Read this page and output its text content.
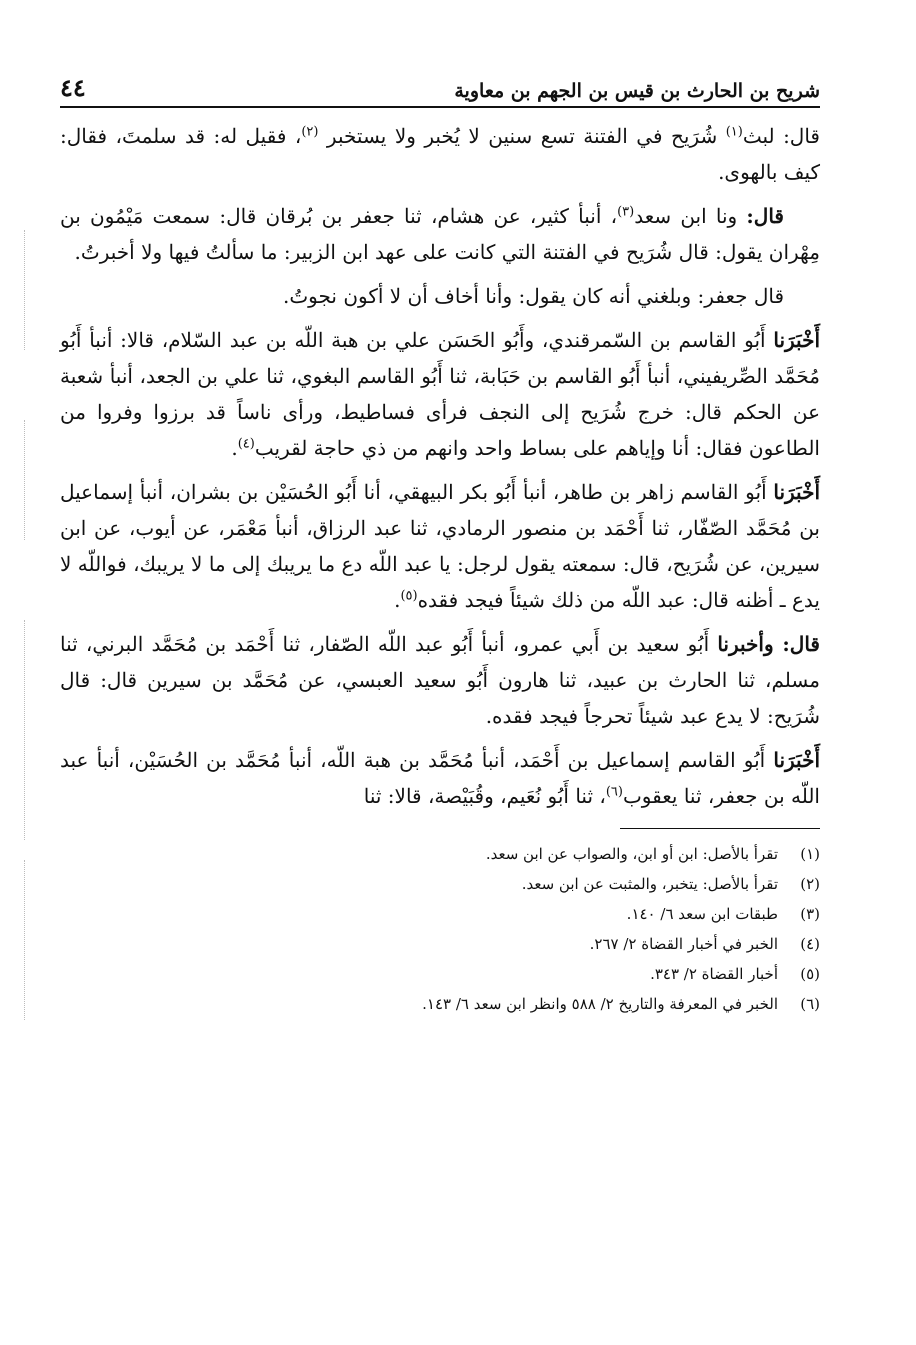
شريح بن الحارث بن قيس بن الجهم بن معاوية
٤٤

قال: لبث$^{(١)}$ شُرَيح في الفتنة تسع سنين لا يُخبر ولا يستخبر $^{(٢)}$، فقيل له: قد سلمتَ، فقال: كيف بالهوى.

قال: ونا ابن سعد$^{(٣)}$، أنبأ كثير، عن هشام، ثنا جعفر بن بُرقان قال: سمعت مَيْمُون بن مِهْران يقول: قال شُرَيح في الفتنة التي كانت على عهد ابن الزبير: ما سألتُ فيها ولا أخبرتُ.

قال جعفر: وبلغني أنه كان يقول: وأنا أخاف أن لا أكون نجوتُ.

أَخْبَرَنا أَبُو القاسم بن السّمرقندي، وأَبُو الحَسَن علي بن هبة اللّه بن عبد السّلام، قالا: أنبأ أَبُو مُحَمَّد الصِّريفيني، أنبأ أَبُو القاسم بن حَبَابة، ثنا أَبُو القاسم البغوي، ثنا علي بن الجعد، أنبأ شعبة عن الحكم قال: خرج شُرَيح إلى النجف فرأى فساطيط، ورأى ناساً قد برزوا وفروا من الطاعون فقال: أنا وإياهم على بساط واحد وانهم من ذي حاجة لقريب$^{(٤)}$.

أَخْبَرَنا أَبُو القاسم زاهر بن طاهر، أنبأ أَبُو بكر البيهقي، أنا أَبُو الحُسَيْن بن بشران، أنبأ إسماعيل بن مُحَمَّد الصّفّار، ثنا أَحْمَد بن منصور الرمادي، ثنا عبد الرزاق، أنبأ مَعْمَر، عن أيوب، عن ابن سيرين، عن شُرَيح، قال: سمعته يقول لرجل: يا عبد اللّه دع ما يريبك إلى ما لا يريبك، فواللّه لا يدع ـ أظنه قال: عبد اللّه من ذلك شيئاً فيجد فقده$^{(٥)}$.

قال: وأخبرنا أَبُو سعيد بن أَبي عمرو، أنبأ أَبُو عبد اللّه الصّفار، ثنا أَحْمَد بن مُحَمَّد البرني، ثنا مسلم، ثنا الحارث بن عبيد، ثنا هارون أَبُو سعيد العبسي، عن مُحَمَّد بن سيرين قال: قال شُرَيح: لا يدع عبد شيئاً تحرجاً فيجد فقده.

أَخْبَرَنا أَبُو القاسم إسماعيل بن أَحْمَد، أنبأ مُحَمَّد بن هبة اللّه، أنبأ مُحَمَّد بن الحُسَيْن، أنبأ عبد اللّه بن جعفر، ثنا يعقوب$^{(٦)}$، ثنا أَبُو نُعَيم، وقُبَيْصة، قالا: ثنا

(١)
تقرأ بالأصل: ابن أو ابن، والصواب عن ابن سعد.
(٢)
تقرأ بالأصل: يتخبر، والمثبت عن ابن سعد.
(٣)
طبقات ابن سعد ٦/ ١٤٠.
(٤)
الخبر في أخبار القضاة ٢/ ٢٦٧.
(٥)
أخبار القضاة ٢/ ٣٤٣.
(٦)
الخبر في المعرفة والتاريخ ٢/ ٥٨٨ وانظر ابن سعد ٦/ ١٤٣.
